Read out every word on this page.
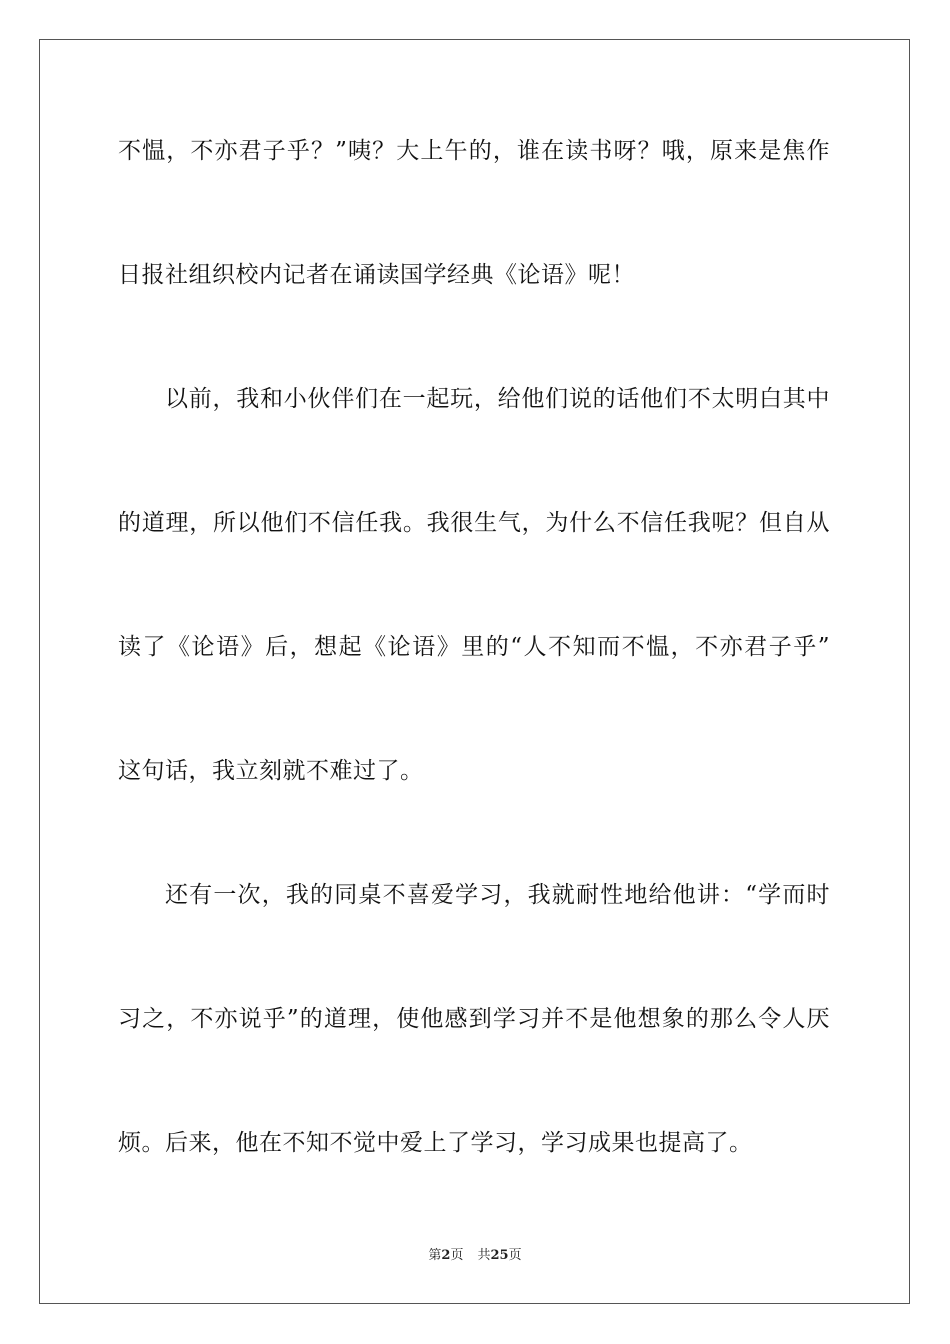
不愠，不亦君子乎？”咦？大上午的，谁在读书呀？哦，原来是焦作
日报社组织校内记者在诵读国学经典《论语》呢！
以前，我和小伙伴们在一起玩，给他们说的话他们不太明白其中
的道理，所以他们不信任我。我很生气，为什么不信任我呢？但自从
读了《论语》后，想起《论语》里的“人不知而不愠，不亦君子乎”
这句话，我立刻就不难过了。
还有一次，我的同桌不喜爱学习，我就耐性地给他讲：“学而时
习之，不亦说乎”的道理，使他感到学习并不是他想象的那么令人厌
烦。后来，他在不知不觉中爱上了学习，学习成果也提高了。
第2页 共25页
